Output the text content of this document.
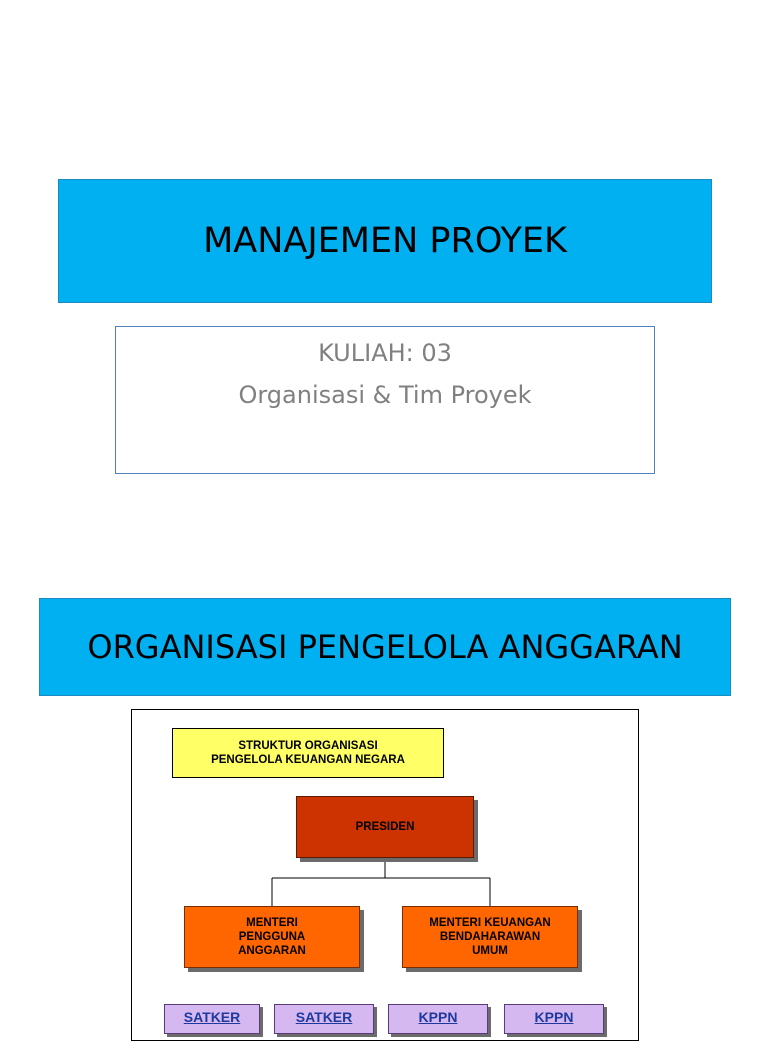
MANAJEMEN PROYEK
KULIAH: 03
Organisasi & Tim Proyek
ORGANISASI PENGELOLA ANGGARAN
STRUKTUR ORGANISASI
PENGELOLA KEUANGAN NEGARA
PRESIDEN
MENTERI
PENGGUNA
ANGGARAN
MENTERI KEUANGAN
BENDAHARAWAN
UMUM
SATKER	SATKER	KPPN	KPPN
